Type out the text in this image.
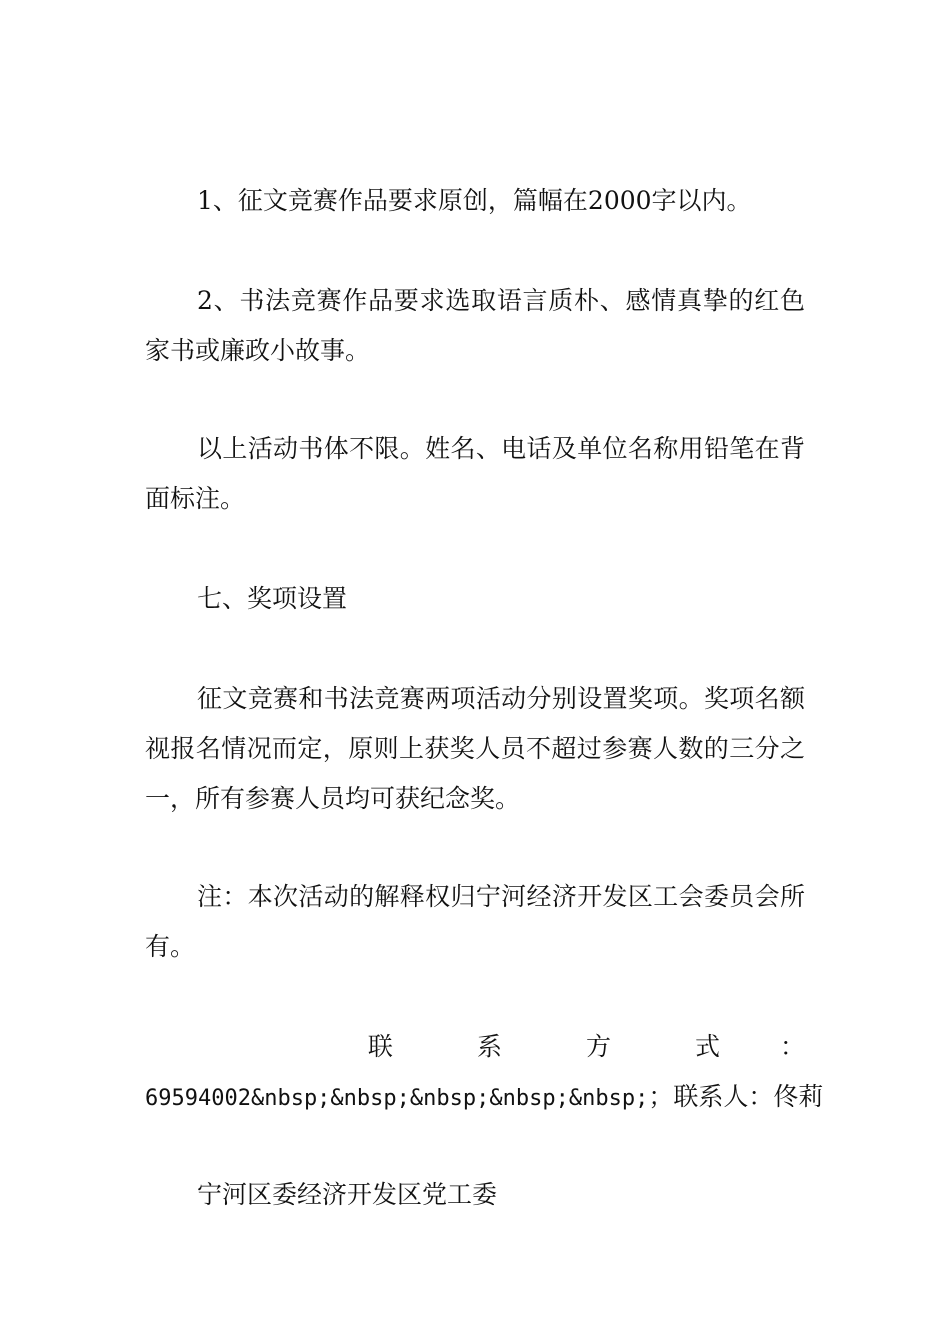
1、征文竞赛作品要求原创，篇幅在2000字以内。

2、书法竞赛作品要求选取语言质朴、感情真挚的红色家书或廉政小故事。

以上活动书体不限。姓名、电话及单位名称用铅笔在背面标注。

七、奖项设置

征文竞赛和书法竞赛两项活动分别设置奖项。奖项名额视报名情况而定，原则上获奖人员不超过参赛人数的三分之一，所有参赛人员均可获纪念奖。

注：本次活动的解释权归宁河经济开发区工会委员会所有。

联	系	方	式 ：
69594002&nbsp;&nbsp;&nbsp;&nbsp;&nbsp;；联系人：佟莉

宁河区委经济开发区党工委
